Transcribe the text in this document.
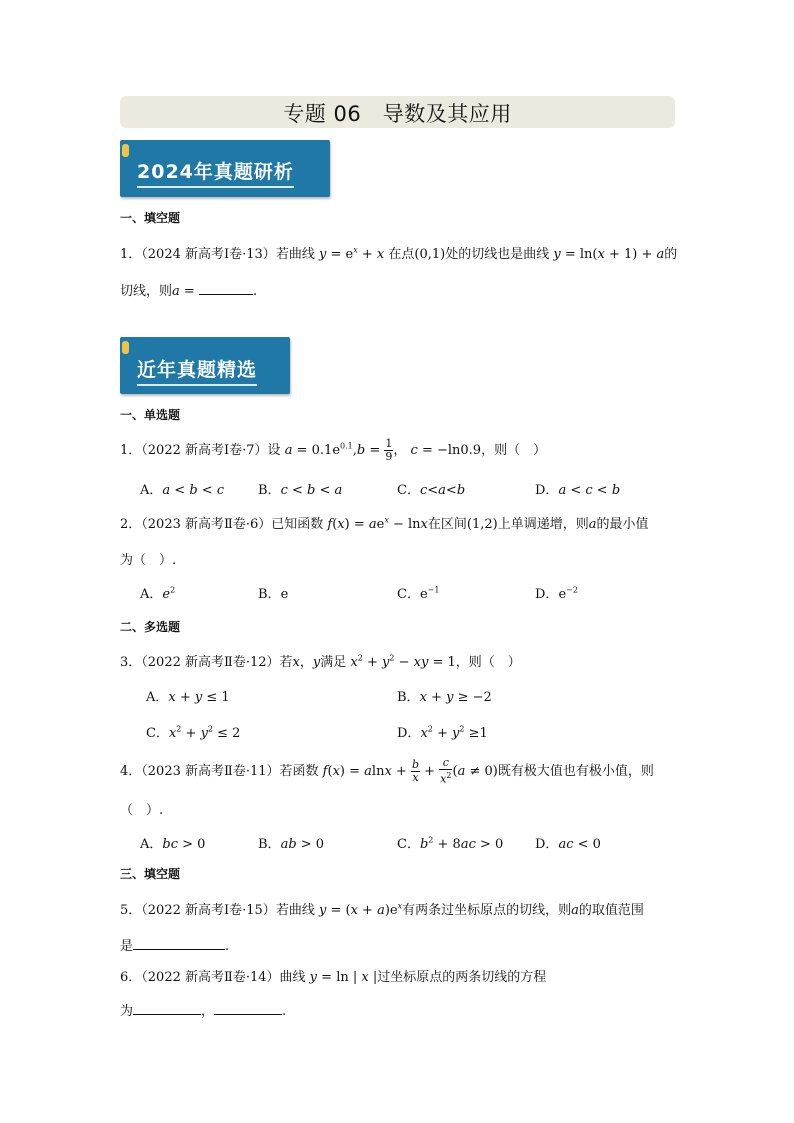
专题 06　导数及其应用
2024年真题研析
一、填空题
1．（2024 新高考Ⅰ卷·13）若曲线 $y = e^x + x$ 在点(0,1)处的切线也是曲线 y = ln(x + 1) + a的
切线，则a =	.
近年真题精选
一、单选题
1．（2022 新高考Ⅰ卷·7）设 $a = 0.1e^{0.1},b = \frac{1}{9}$ ， c = −ln0.9，则（　）
A．a < b < c	B．c < b < a	C．c<a<b	D．a < c < b
2．（2023 新高考Ⅱ卷·6）已知函数 $f(x) = ae^x - \ln x$在区间(1,2)上单调递增，则a的最小值
为（　）.
A．$e^2$	B．e	C．$e^{-1}$	D．$e^{-2}$
二、多选题
3．（2022 新高考Ⅱ卷·12）若x，y满足 $x^2 + y^2$ − xy = 1，则（　）
A．x + y ≤ 1	B．x + y ≥ −2
C．$x^2 + y^2 \le 2$	D．$x^2 + y^2 \ge 1$
4．（2023 新高考Ⅱ卷·11）若函数 $f(x) = alnx + \frac{b}{x} + \frac{c}{x^2} (a \ne 0)$既有极大值也有极小值，则
（　）.
A．bc > 0	B．ab > 0	C．$b^2 + 8ac > 0$ D．ac < 0
三、填空题
5．（2022 新高考Ⅰ卷·15）若曲线 $y = (x + a)e^x$有两条过坐标原点的切线，则a的取值范围
是	.
6．（2022 新高考Ⅱ卷·14）曲线 y = ln | x |过坐标原点的两条切线的方程
为	，	.
